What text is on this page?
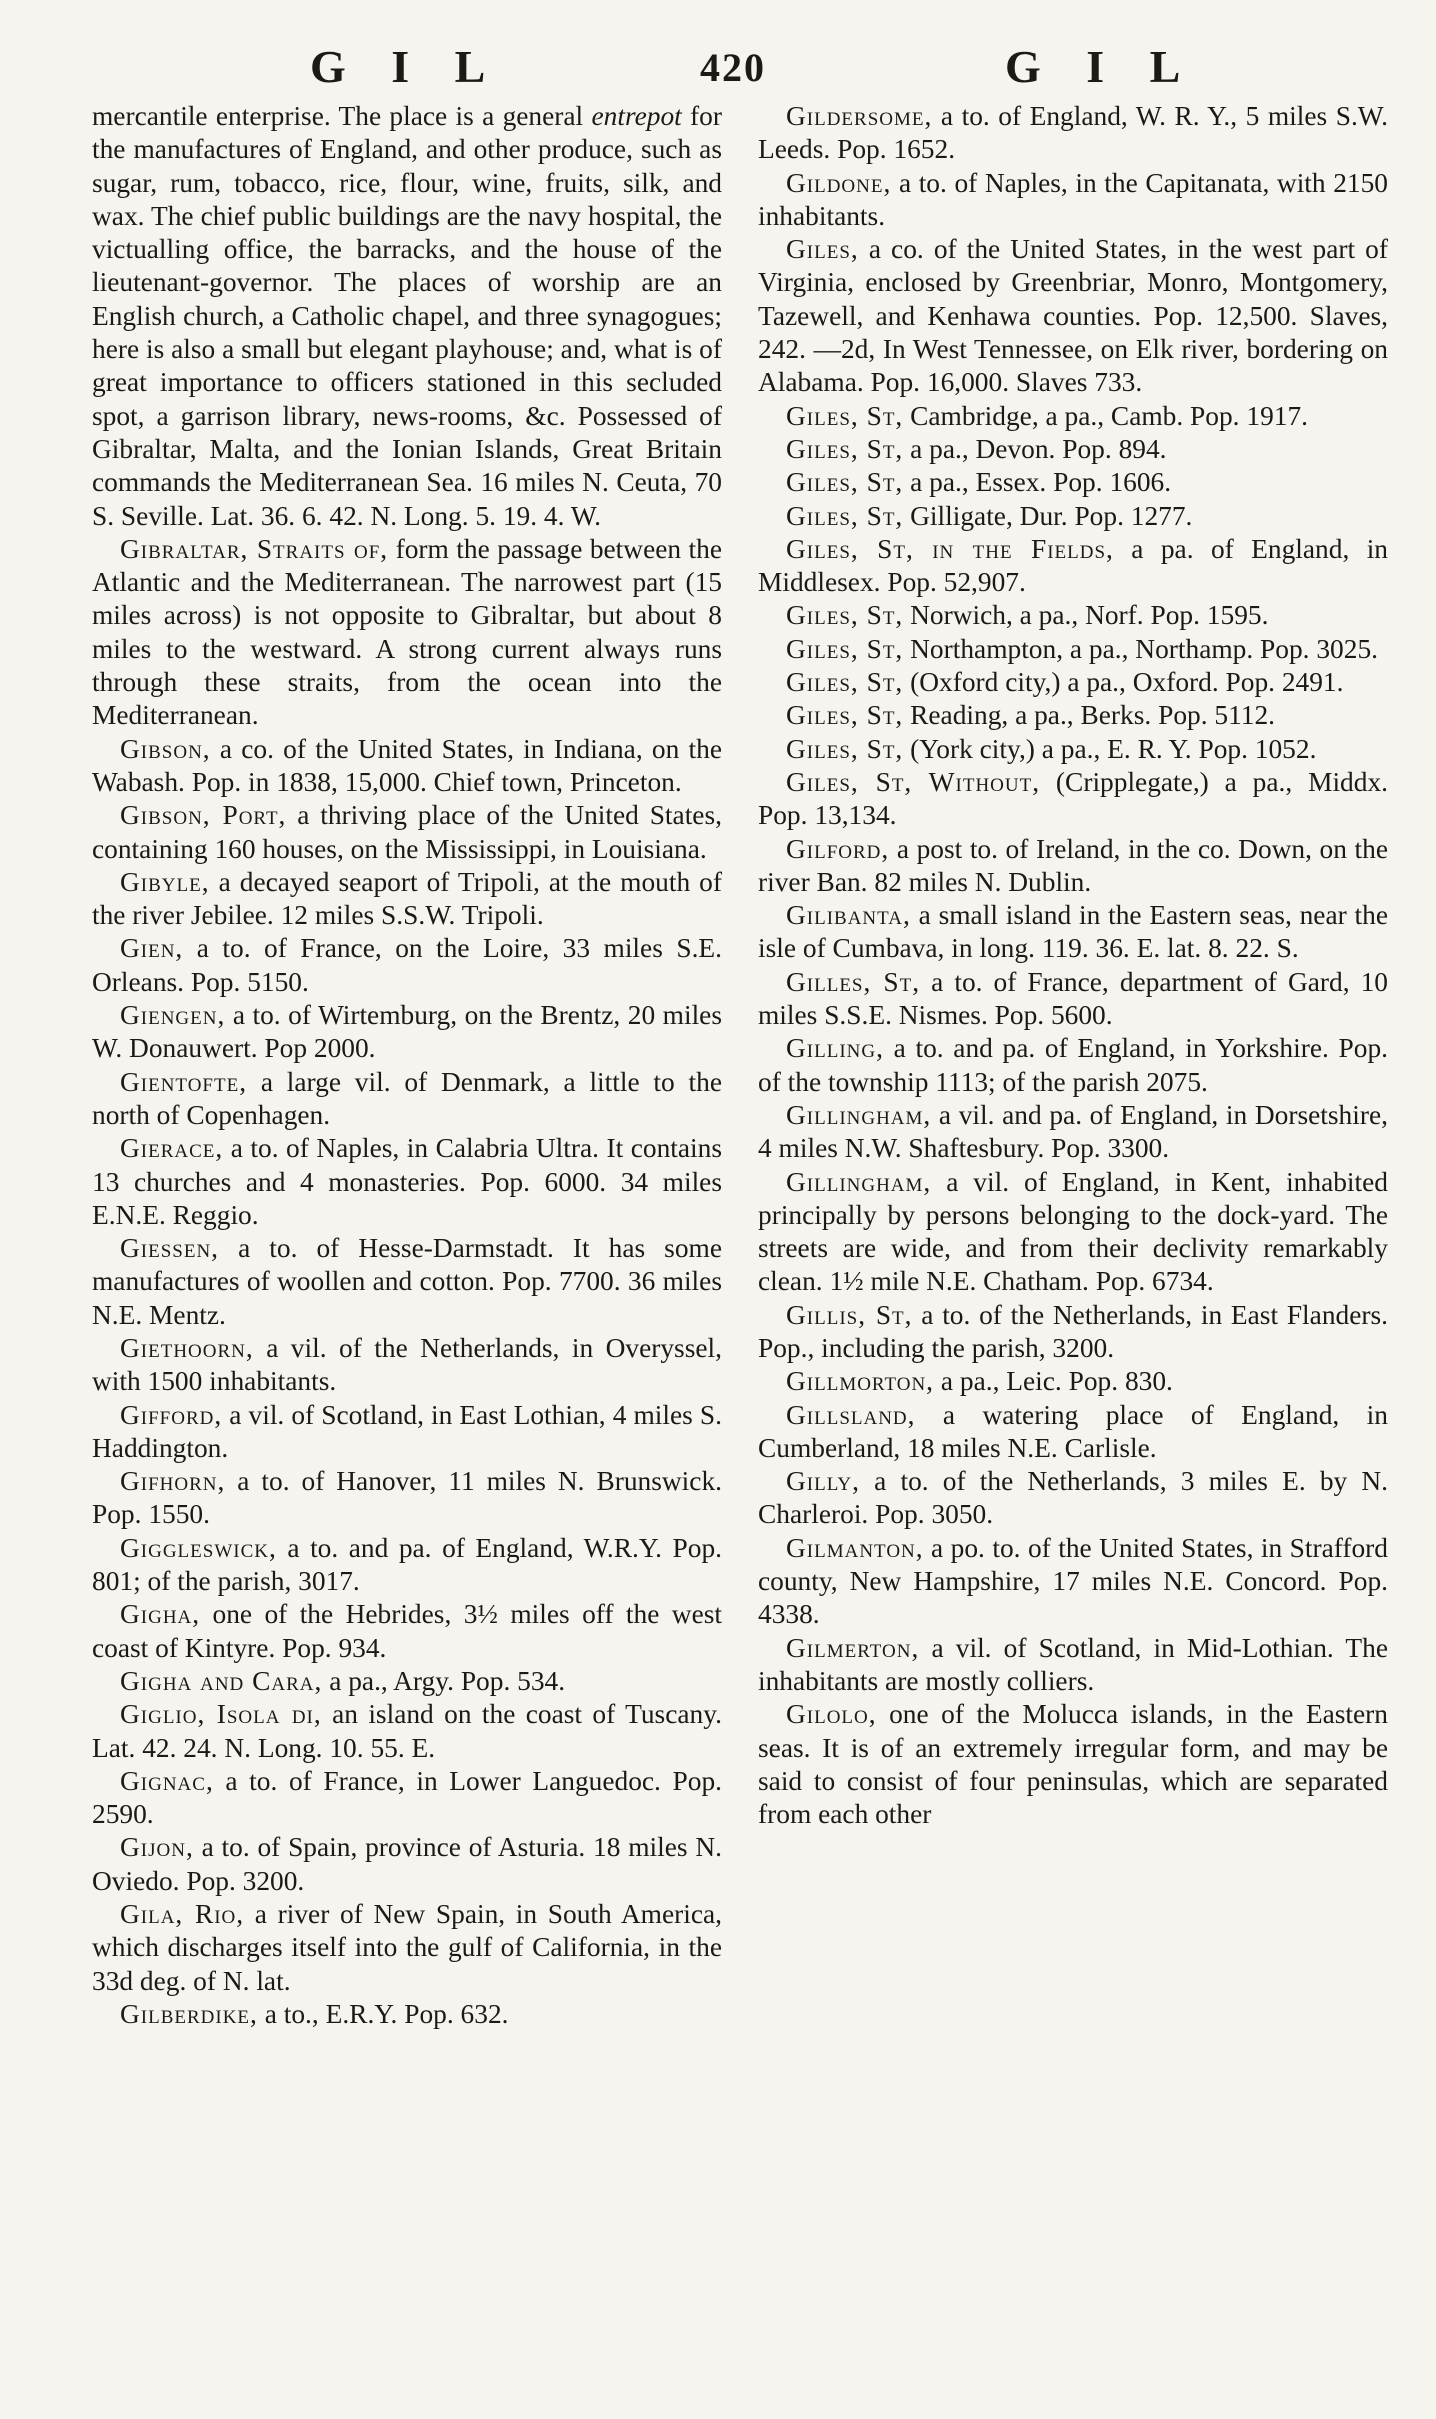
G I L	420	G I L

mercantile enterprise. The place is a general entrepot for the manufactures of England, and other produce, such as sugar, rum, tobacco, rice, flour, wine, fruits, silk, and wax. The chief public buildings are the navy hospital, the victualling office, the barracks, and the house of the lieutenant-governor. The places of worship are an English church, a Catholic chapel, and three synagogues; here is also a small but elegant playhouse; and, what is of great importance to officers stationed in this secluded spot, a garrison library, news-rooms, &c. Possessed of Gibraltar, Malta, and the Ionian Islands, Great Britain commands the Mediterranean Sea. 16 miles N. Ceuta, 70 S. Seville. Lat. 36. 6. 42. N. Long. 5. 19. 4. W.

Gibraltar, Straits of, form the passage between the Atlantic and the Mediterranean. The narrowest part (15 miles across) is not opposite to Gibraltar, but about 8 miles to the westward. A strong current always runs through these straits, from the ocean into the Mediterranean.

Gibson, a co. of the United States, in Indiana, on the Wabash. Pop. in 1838, 15,000. Chief town, Princeton.

Gibson, Port, a thriving place of the United States, containing 160 houses, on the Mississippi, in Louisiana.

Gibyle, a decayed seaport of Tripoli, at the mouth of the river Jebilee. 12 miles S.S.W. Tripoli.

Gien, a to. of France, on the Loire, 33 miles S.E. Orleans. Pop. 5150.

Giengen, a to. of Wirtemburg, on the Brentz, 20 miles W. Donauwert. Pop 2000.

Gientofte, a large vil. of Denmark, a little to the north of Copenhagen.

Gierace, a to. of Naples, in Calabria Ultra. It contains 13 churches and 4 monasteries. Pop. 6000. 34 miles E.N.E. Reggio.

Giessen, a to. of Hesse-Darmstadt. It has some manufactures of woollen and cotton. Pop. 7700. 36 miles N.E. Mentz.

Giethoorn, a vil. of the Netherlands, in Overyssel, with 1500 inhabitants.

Gifford, a vil. of Scotland, in East Lothian, 4 miles S. Haddington.

Gifhorn, a to. of Hanover, 11 miles N. Brunswick. Pop. 1550.

Giggleswick, a to. and pa. of England, W.R.Y. Pop. 801; of the parish, 3017.

Gigha, one of the Hebrides, 3½ miles off the west coast of Kintyre. Pop. 934.

Gigha and Cara, a pa., Argy. Pop. 534.

Giglio, Isola di, an island on the coast of Tuscany. Lat. 42. 24. N. Long. 10. 55. E.

Gignac, a to. of France, in Lower Languedoc. Pop. 2590.

Gijon, a to. of Spain, province of Asturia. 18 miles N. Oviedo. Pop. 3200.

Gila, Rio, a river of New Spain, in South America, which discharges itself into the gulf of California, in the 33d deg. of N. lat.

Gilberdike, a to., E.R.Y. Pop. 632.

Gildersome, a to. of England, W. R. Y., 5 miles S.W. Leeds. Pop. 1652.

Gildone, a to. of Naples, in the Capitanata, with 2150 inhabitants.

Giles, a co. of the United States, in the west part of Virginia, enclosed by Greenbriar, Monro, Montgomery, Tazewell, and Kenhawa counties. Pop. 12,500. Slaves, 242. —2d, In West Tennessee, on Elk river, bordering on Alabama. Pop. 16,000. Slaves 733.

Giles, St, Cambridge, a pa., Camb. Pop. 1917.

Giles, St, a pa., Devon. Pop. 894.

Giles, St, a pa., Essex. Pop. 1606.

Giles, St, Gilligate, Dur. Pop. 1277.

Giles, St, in the Fields, a pa. of England, in Middlesex. Pop. 52,907.

Giles, St, Norwich, a pa., Norf. Pop. 1595.

Giles, St, Northampton, a pa., Northamp. Pop. 3025.

Giles, St, (Oxford city,) a pa., Oxford. Pop. 2491.

Giles, St, Reading, a pa., Berks. Pop. 5112.

Giles, St, (York city,) a pa., E. R. Y. Pop. 1052.

Giles, St, Without, (Cripplegate,) a pa., Middx. Pop. 13,134.

Gilford, a post to. of Ireland, in the co. Down, on the river Ban. 82 miles N. Dublin.

Gilibanta, a small island in the Eastern seas, near the isle of Cumbava, in long. 119. 36. E. lat. 8. 22. S.

Gilles, St, a to. of France, department of Gard, 10 miles S.S.E. Nismes. Pop. 5600.

Gilling, a to. and pa. of England, in Yorkshire. Pop. of the township 1113; of the parish 2075.

Gillingham, a vil. and pa. of England, in Dorsetshire, 4 miles N.W. Shaftesbury. Pop. 3300.

Gillingham, a vil. of England, in Kent, inhabited principally by persons belonging to the dock-yard. The streets are wide, and from their declivity remarkably clean. 1½ mile N.E. Chatham. Pop. 6734.

Gillis, St, a to. of the Netherlands, in East Flanders. Pop., including the parish, 3200.

Gillmorton, a pa., Leic. Pop. 830.

Gillsland, a watering place of England, in Cumberland, 18 miles N.E. Carlisle.

Gilly, a to. of the Netherlands, 3 miles E. by N. Charleroi. Pop. 3050.

Gilmanton, a po. to. of the United States, in Strafford county, New Hampshire, 17 miles N.E. Concord. Pop. 4338.

Gilmerton, a vil. of Scotland, in Mid-Lothian. The inhabitants are mostly colliers.

Gilolo, one of the Molucca islands, in the Eastern seas. It is of an extremely irregular form, and may be said to consist of four peninsulas, which are separated from each other
